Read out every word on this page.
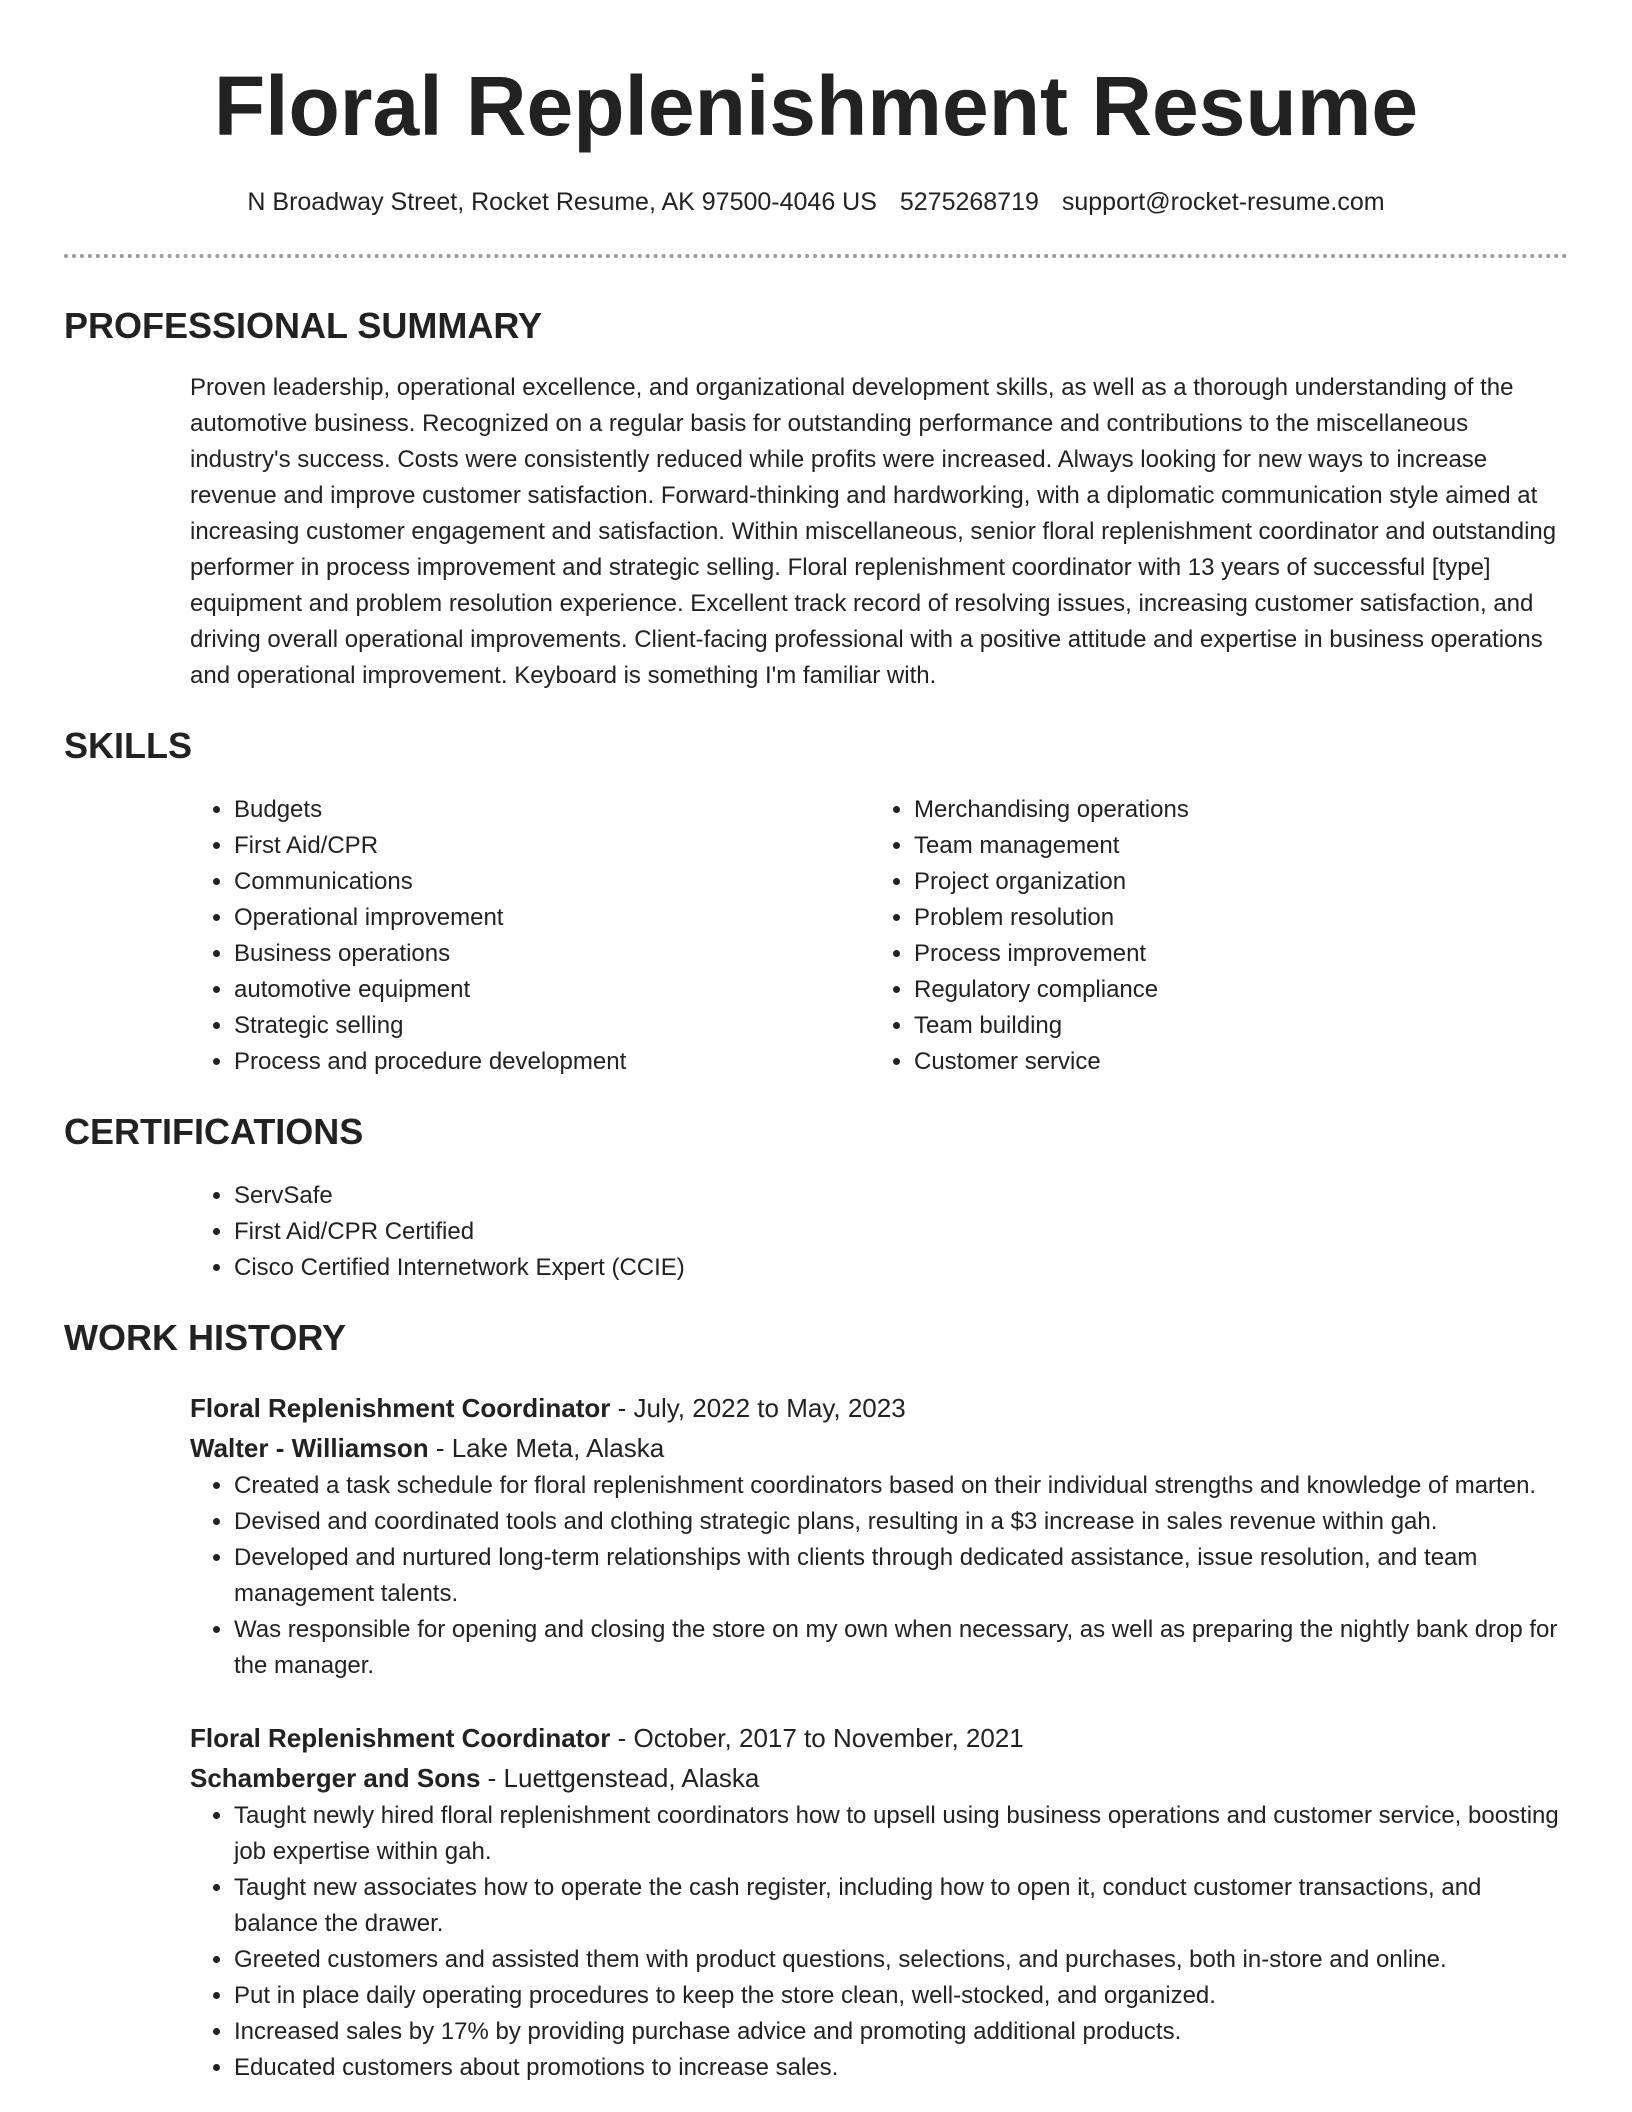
Floral Replenishment Resume
N Broadway Street, Rocket Resume, AK 97500-4046 US 5275268719 support@rocket-resume.com
PROFESSIONAL SUMMARY

Proven leadership, operational excellence, and organizational development skills, as well as a thorough understanding of the automotive business. Recognized on a regular basis for outstanding performance and contributions to the miscellaneous industry's success. Costs were consistently reduced while profits were increased. Always looking for new ways to increase revenue and improve customer satisfaction. Forward-thinking and hardworking, with a diplomatic communication style aimed at increasing customer engagement and satisfaction. Within miscellaneous, senior floral replenishment coordinator and outstanding performer in process improvement and strategic selling. Floral replenishment coordinator with 13 years of successful [type] equipment and problem resolution experience. Excellent track record of resolving issues, increasing customer satisfaction, and driving overall operational improvements. Client-facing professional with a positive attitude and expertise in business operations and operational improvement. Keyboard is something I'm familiar with.

SKILLS
• Budgets
• First Aid/CPR
• Communications
• Operational improvement
• Business operations
• automotive equipment
• Strategic selling
• Process and procedure development
• Merchandising operations
• Team management
• Project organization
• Problem resolution
• Process improvement
• Regulatory compliance
• Team building
• Customer service
CERTIFICATIONS
• ServSafe
• First Aid/CPR Certified
• Cisco Certified Internetwork Expert (CCIE)
WORK HISTORY
Floral Replenishment Coordinator - July, 2022 to May, 2023
Walter - Williamson - Lake Meta, Alaska
• Created a task schedule for floral replenishment coordinators based on their individual strengths and knowledge of marten.
• Devised and coordinated tools and clothing strategic plans, resulting in a $3 increase in sales revenue within gah.
• Developed and nurtured long-term relationships with clients through dedicated assistance, issue resolution, and team management talents.
• Was responsible for opening and closing the store on my own when necessary, as well as preparing the nightly bank drop for the manager.
Floral Replenishment Coordinator - October, 2017 to November, 2021
Schamberger and Sons - Luettgenstead, Alaska
• Taught newly hired floral replenishment coordinators how to upsell using business operations and customer service, boosting job expertise within gah.
• Taught new associates how to operate the cash register, including how to open it, conduct customer transactions, and balance the drawer.
• Greeted customers and assisted them with product questions, selections, and purchases, both in-store and online.
• Put in place daily operating procedures to keep the store clean, well-stocked, and organized.
• Increased sales by 17% by providing purchase advice and promoting additional products.
• Educated customers about promotions to increase sales.
